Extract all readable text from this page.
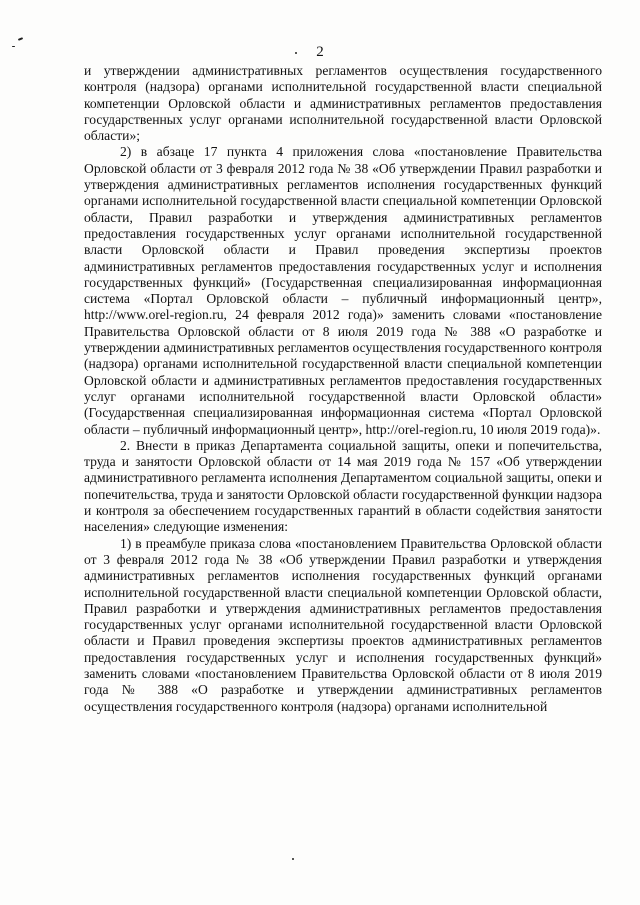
2

и утверждении административных регламентов осуществления государственного контроля (надзора) органами исполнительной государственной власти специальной компетенции Орловской области и административных регламентов предоставления государственных услуг органами исполнительной государственной власти Орловской области»;

2) в абзаце 17 пункта 4 приложения слова «постановление Правительства Орловской области от 3 февраля 2012 года № 38 «Об утверждении Правил разработки и утверждения административных регламентов исполнения государственных функций органами исполнительной государственной власти специальной компетенции Орловской области, Правил разработки и утверждения административных регламентов предоставления государственных услуг органами исполнительной государственной власти Орловской области и Правил проведения экспертизы проектов административных регламентов предоставления государственных услуг и исполнения государственных функций» (Государственная специализированная информационная система «Портал Орловской области – публичный информационный центр», http://www.orel-region.ru, 24 февраля 2012 года)» заменить словами «постановление Правительства Орловской области от 8 июля 2019 года № 388 «О разработке и утверждении административных регламентов осуществления государственного контроля (надзора) органами исполнительной государственной власти специальной компетенции Орловской области и административных регламентов предоставления государственных услуг органами исполнительной государственной власти Орловской области» (Государственная специализированная информационная система «Портал Орловской области – публичный информационный центр», http://orel-region.ru, 10 июля 2019 года)».

2. Внести в приказ Департамента социальной защиты, опеки и попечительства, труда и занятости Орловской области от 14 мая 2019 года № 157 «Об утверждении административного регламента исполнения Департаментом социальной защиты, опеки и попечительства, труда и занятости Орловской области государственной функции надзора и контроля за обеспечением государственных гарантий в области содействия занятости населения» следующие изменения:

1) в преамбуле приказа слова «постановлением Правительства Орловской области от 3 февраля 2012 года № 38 «Об утверждении Правил разработки и утверждения административных регламентов исполнения государственных функций органами исполнительной государственной власти специальной компетенции Орловской области, Правил разработки и утверждения административных регламентов предоставления государственных услуг органами исполнительной государственной власти Орловской области и Правил проведения экспертизы проектов административных регламентов предоставления государственных услуг и исполнения государственных функций» заменить словами «постановлением Правительства Орловской области от 8 июля 2019 года № 388 «О разработке и утверждении административных регламентов осуществления государственного контроля (надзора) органами исполнительной
